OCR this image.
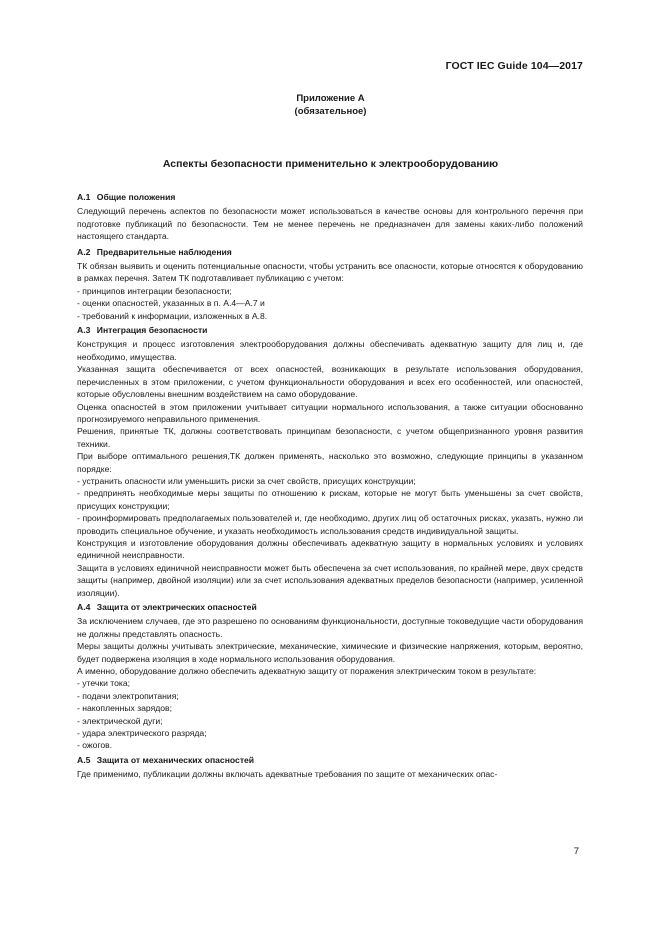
ГОСТ IEC Guide 104—2017
Приложение А
(обязательное)
Аспекты безопасности применительно к электрооборудованию
А.1 Общие положения

Следующий перечень аспектов по безопасности может использоваться в качестве основы для контрольного перечня при подготовке публикаций по безопасности. Тем не менее перечень не предназначен для замены каких-либо положений настоящего стандарта.

А.2 Предварительные наблюдения

ТК обязан выявить и оценить потенциальные опасности, чтобы устранить все опасности, которые относятся к оборудованию в рамках перечня. Затем ТК подготавливает публикацию с учетом:

- принципов интеграции безопасности;

- оценки опасностей, указанных в п. А.4—А.7 и

- требований к информации, изложенных в А.8.

А.3 Интеграция безопасности

Конструкция и процесс изготовления электрооборудования должны обеспечивать адекватную защиту для лиц и, где необходимо, имущества.

Указанная защита обеспечивается от всех опасностей, возникающих в результате использования оборудования, перечисленных в этом приложении, с учетом функциональности оборудования и всех его особенностей, или опасностей, которые обусловлены внешним воздействием на само оборудование.

Оценка опасностей в этом приложении учитывает ситуации нормального использования, а также ситуации обоснованно прогнозируемого неправильного применения.

Решения, принятые ТК, должны соответствовать принципам безопасности, с учетом общепризнанного уровня развития техники.

При выборе оптимального решения,ТК должен применять, насколько это возможно, следующие принципы в указанном порядке:

- устранить опасности или уменьшить риски за счет свойств, присущих конструкции;

- предпринять необходимые меры защиты по отношению к рискам, которые не могут быть уменьшены за счет свойств, присущих конструкции;

- проинформировать предполагаемых пользователей и, где необходимо, других лиц об остаточных рисках, указать, нужно ли проводить специальное обучение, и указать необходимость использования средств индивидуальной защиты.

Конструкция и изготовление оборудования должны обеспечивать адекватную защиту в нормальных условиях и условиях единичной неисправности.

Защита в условиях единичной неисправности может быть обеспечена за счет использования, по крайней мере, двух средств защиты (например, двойной изоляции) или за счет использования адекватных пределов безопасности (например, усиленной изоляции).

А.4 Защита от электрических опасностей

За исключением случаев, где это разрешено по основаниям функциональности, доступные токоведущие части оборудования не должны представлять опасность.

Меры защиты должны учитывать электрические, механические, химические и физические напряжения, которым, вероятно, будет подвержена изоляция в ходе нормального использования оборудования.

А именно, оборудование должно обеспечить адекватную защиту от поражения электрическим током в результате:

- утечки тока;

- подачи электропитания;

- накопленных зарядов;

- электрической дуги;

- удара электрического разряда;

- ожогов.

А.5 Защита от механических опасностей

Где применимо, публикации должны включать адекватные требования по защите от механических опас-

7
